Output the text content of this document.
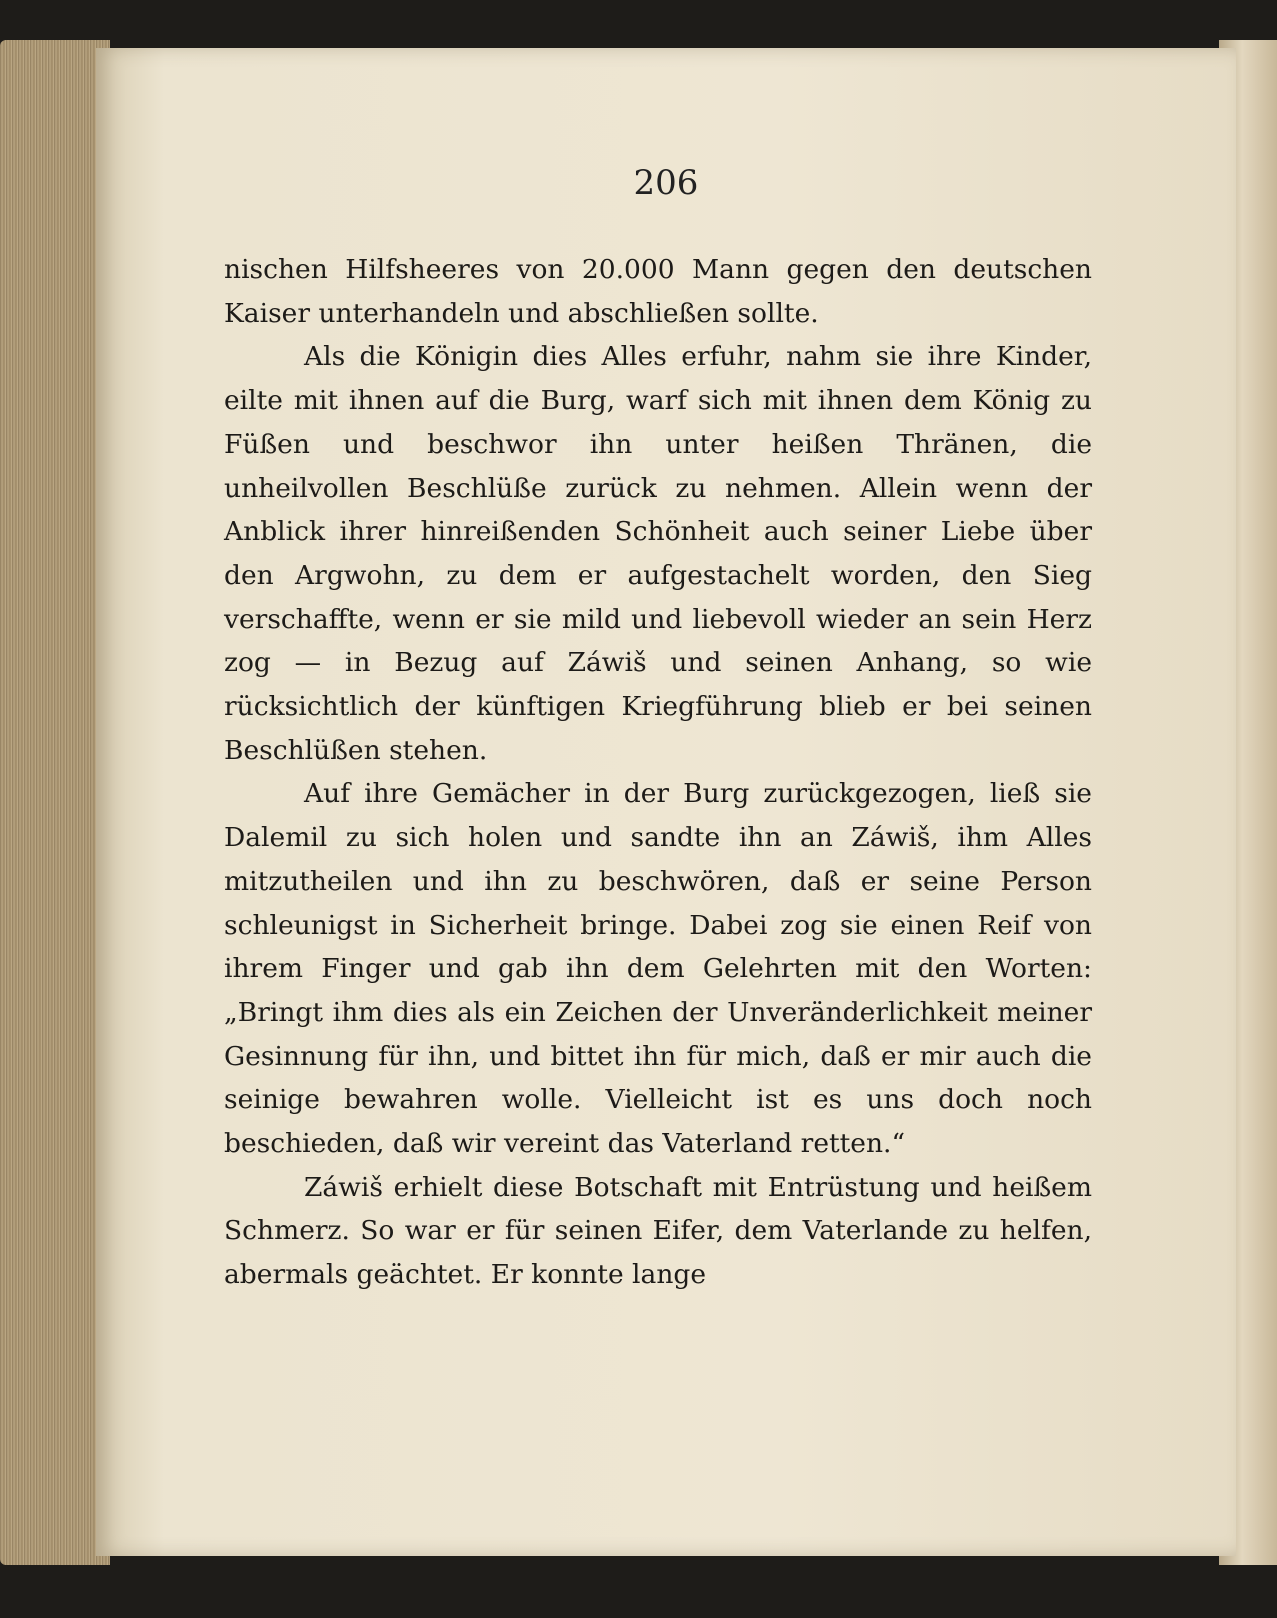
206

nischen Hilfsheeres von 20.000 Mann gegen den deutschen Kaiser unterhandeln und abschließen sollte.

Als die Königin dies Alles erfuhr, nahm sie ihre Kinder, eilte mit ihnen auf die Burg, warf sich mit ihnen dem König zu Füßen und beschwor ihn unter heißen Thränen, die unheilvollen Beschlüße zurück zu nehmen. Allein wenn der Anblick ihrer hinreißenden Schönheit auch seiner Liebe über den Argwohn, zu dem er aufgestachelt worden, den Sieg verschaffte, wenn er sie mild und liebevoll wieder an sein Herz zog — in Bezug auf Záwiš und seinen Anhang, so wie rücksichtlich der künftigen Kriegführung blieb er bei seinen Beschlüßen stehen.

Auf ihre Gemächer in der Burg zurückgezogen, ließ sie Dalemil zu sich holen und sandte ihn an Záwiš, ihm Alles mitzutheilen und ihn zu beschwören, daß er seine Person schleunigst in Sicherheit bringe. Dabei zog sie einen Reif von ihrem Finger und gab ihn dem Gelehrten mit den Worten: „Bringt ihm dies als ein Zeichen der Unveränderlichkeit meiner Gesinnung für ihn, und bittet ihn für mich, daß er mir auch die seinige bewahren wolle. Vielleicht ist es uns doch noch beschieden, daß wir vereint das Vaterland retten.“

Záwiš erhielt diese Botschaft mit Entrüstung und heißem Schmerz. So war er für seinen Eifer, dem Vaterlande zu helfen, abermals geächtet. Er konnte lange
